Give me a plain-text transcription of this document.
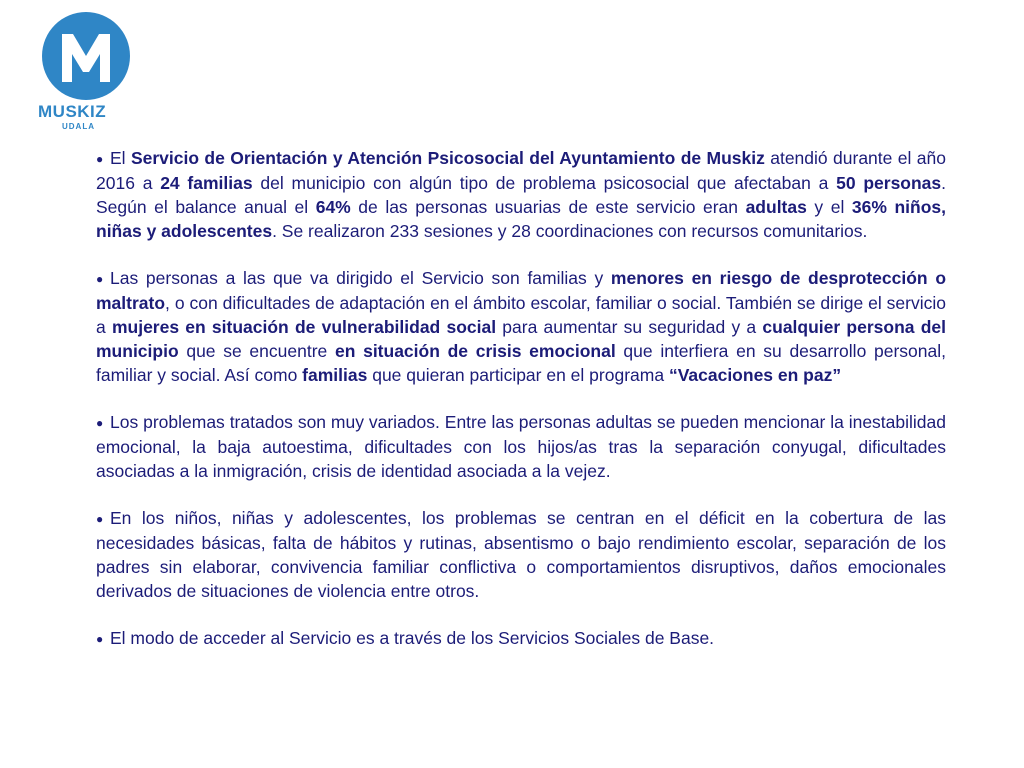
MUSKIZ
UDALA

● El Servicio de Orientación y Atención Psicosocial del Ayuntamiento de Muskiz atendió durante el año 2016 a 24 familias del municipio con algún tipo de problema psicosocial que afectaban a 50 personas. Según el balance anual el 64% de las personas usuarias de este servicio eran adultas y el 36% niños, niñas y adolescentes. Se realizaron 233 sesiones y 28 coordinaciones con recursos comunitarios.

● Las personas a las que va dirigido el Servicio son familias y menores en riesgo de desprotección o maltrato, o con dificultades de adaptación en el ámbito escolar, familiar o social. También se dirige el servicio a mujeres en situación de vulnerabilidad social para aumentar su seguridad y a cualquier persona del municipio que se encuentre en situación de crisis emocional que interfiera en su desarrollo personal, familiar y social. Así como familias que quieran participar en el programa “Vacaciones en paz”

● Los problemas tratados son muy variados. Entre las personas adultas se pueden mencionar la inestabilidad emocional, la baja autoestima, dificultades con los hijos/as tras la separación conyugal, dificultades asociadas a la inmigración, crisis de identidad asociada a la vejez.

● En los niños, niñas y adolescentes, los problemas se centran en el déficit en la cobertura de las necesidades básicas, falta de hábitos y rutinas, absentismo o bajo rendimiento escolar, separación de los padres sin elaborar, convivencia familiar conflictiva o comportamientos disruptivos, daños emocionales derivados de situaciones de violencia entre otros.

● El modo de acceder al Servicio es a través de los Servicios Sociales de Base.
